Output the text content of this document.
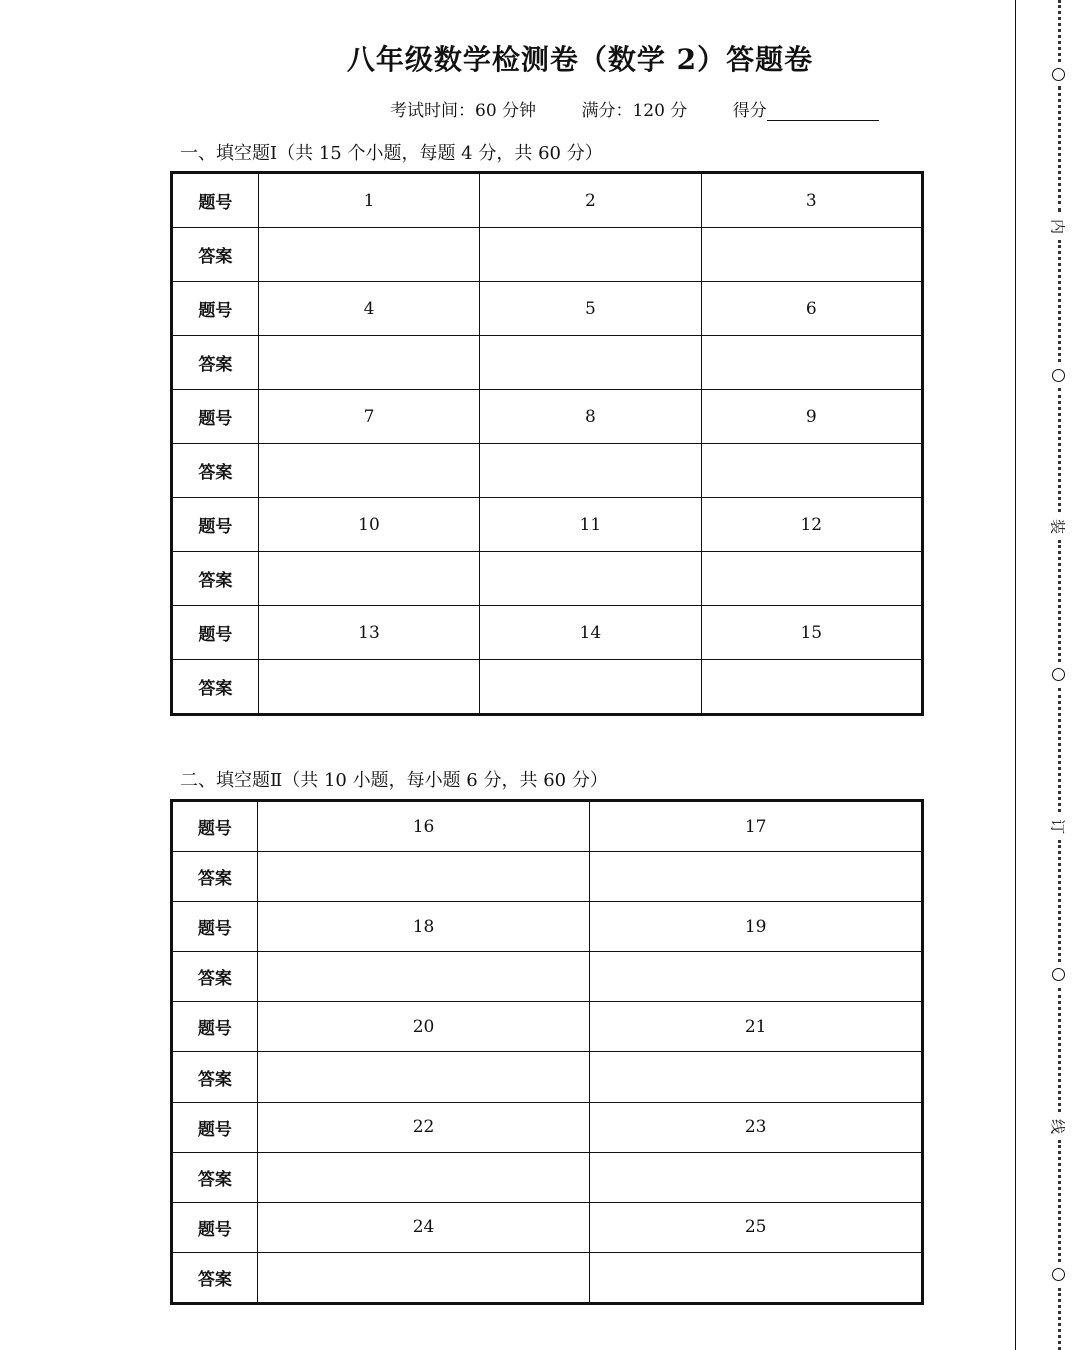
八年级数学检测卷（数学 2）答题卷
考试时间：60 分钟	满分：120 分	得分
一、填空题I（共 15 个小题，每题 4 分，共 60 分）
题号	1	2	3
答案			
题号	4	5	6
答案			
题号	7	8	9
答案			
题号	10	11	12
答案			
题号	13	14	15
答案			
二、填空题Ⅱ（共 10 小题，每小题 6 分，共 60 分）
题号	16	17
答案		
题号	18	19
答案		
题号	20	21
答案		
题号	22	23
答案		
题号	24	25
答案		
内
装
订
线
